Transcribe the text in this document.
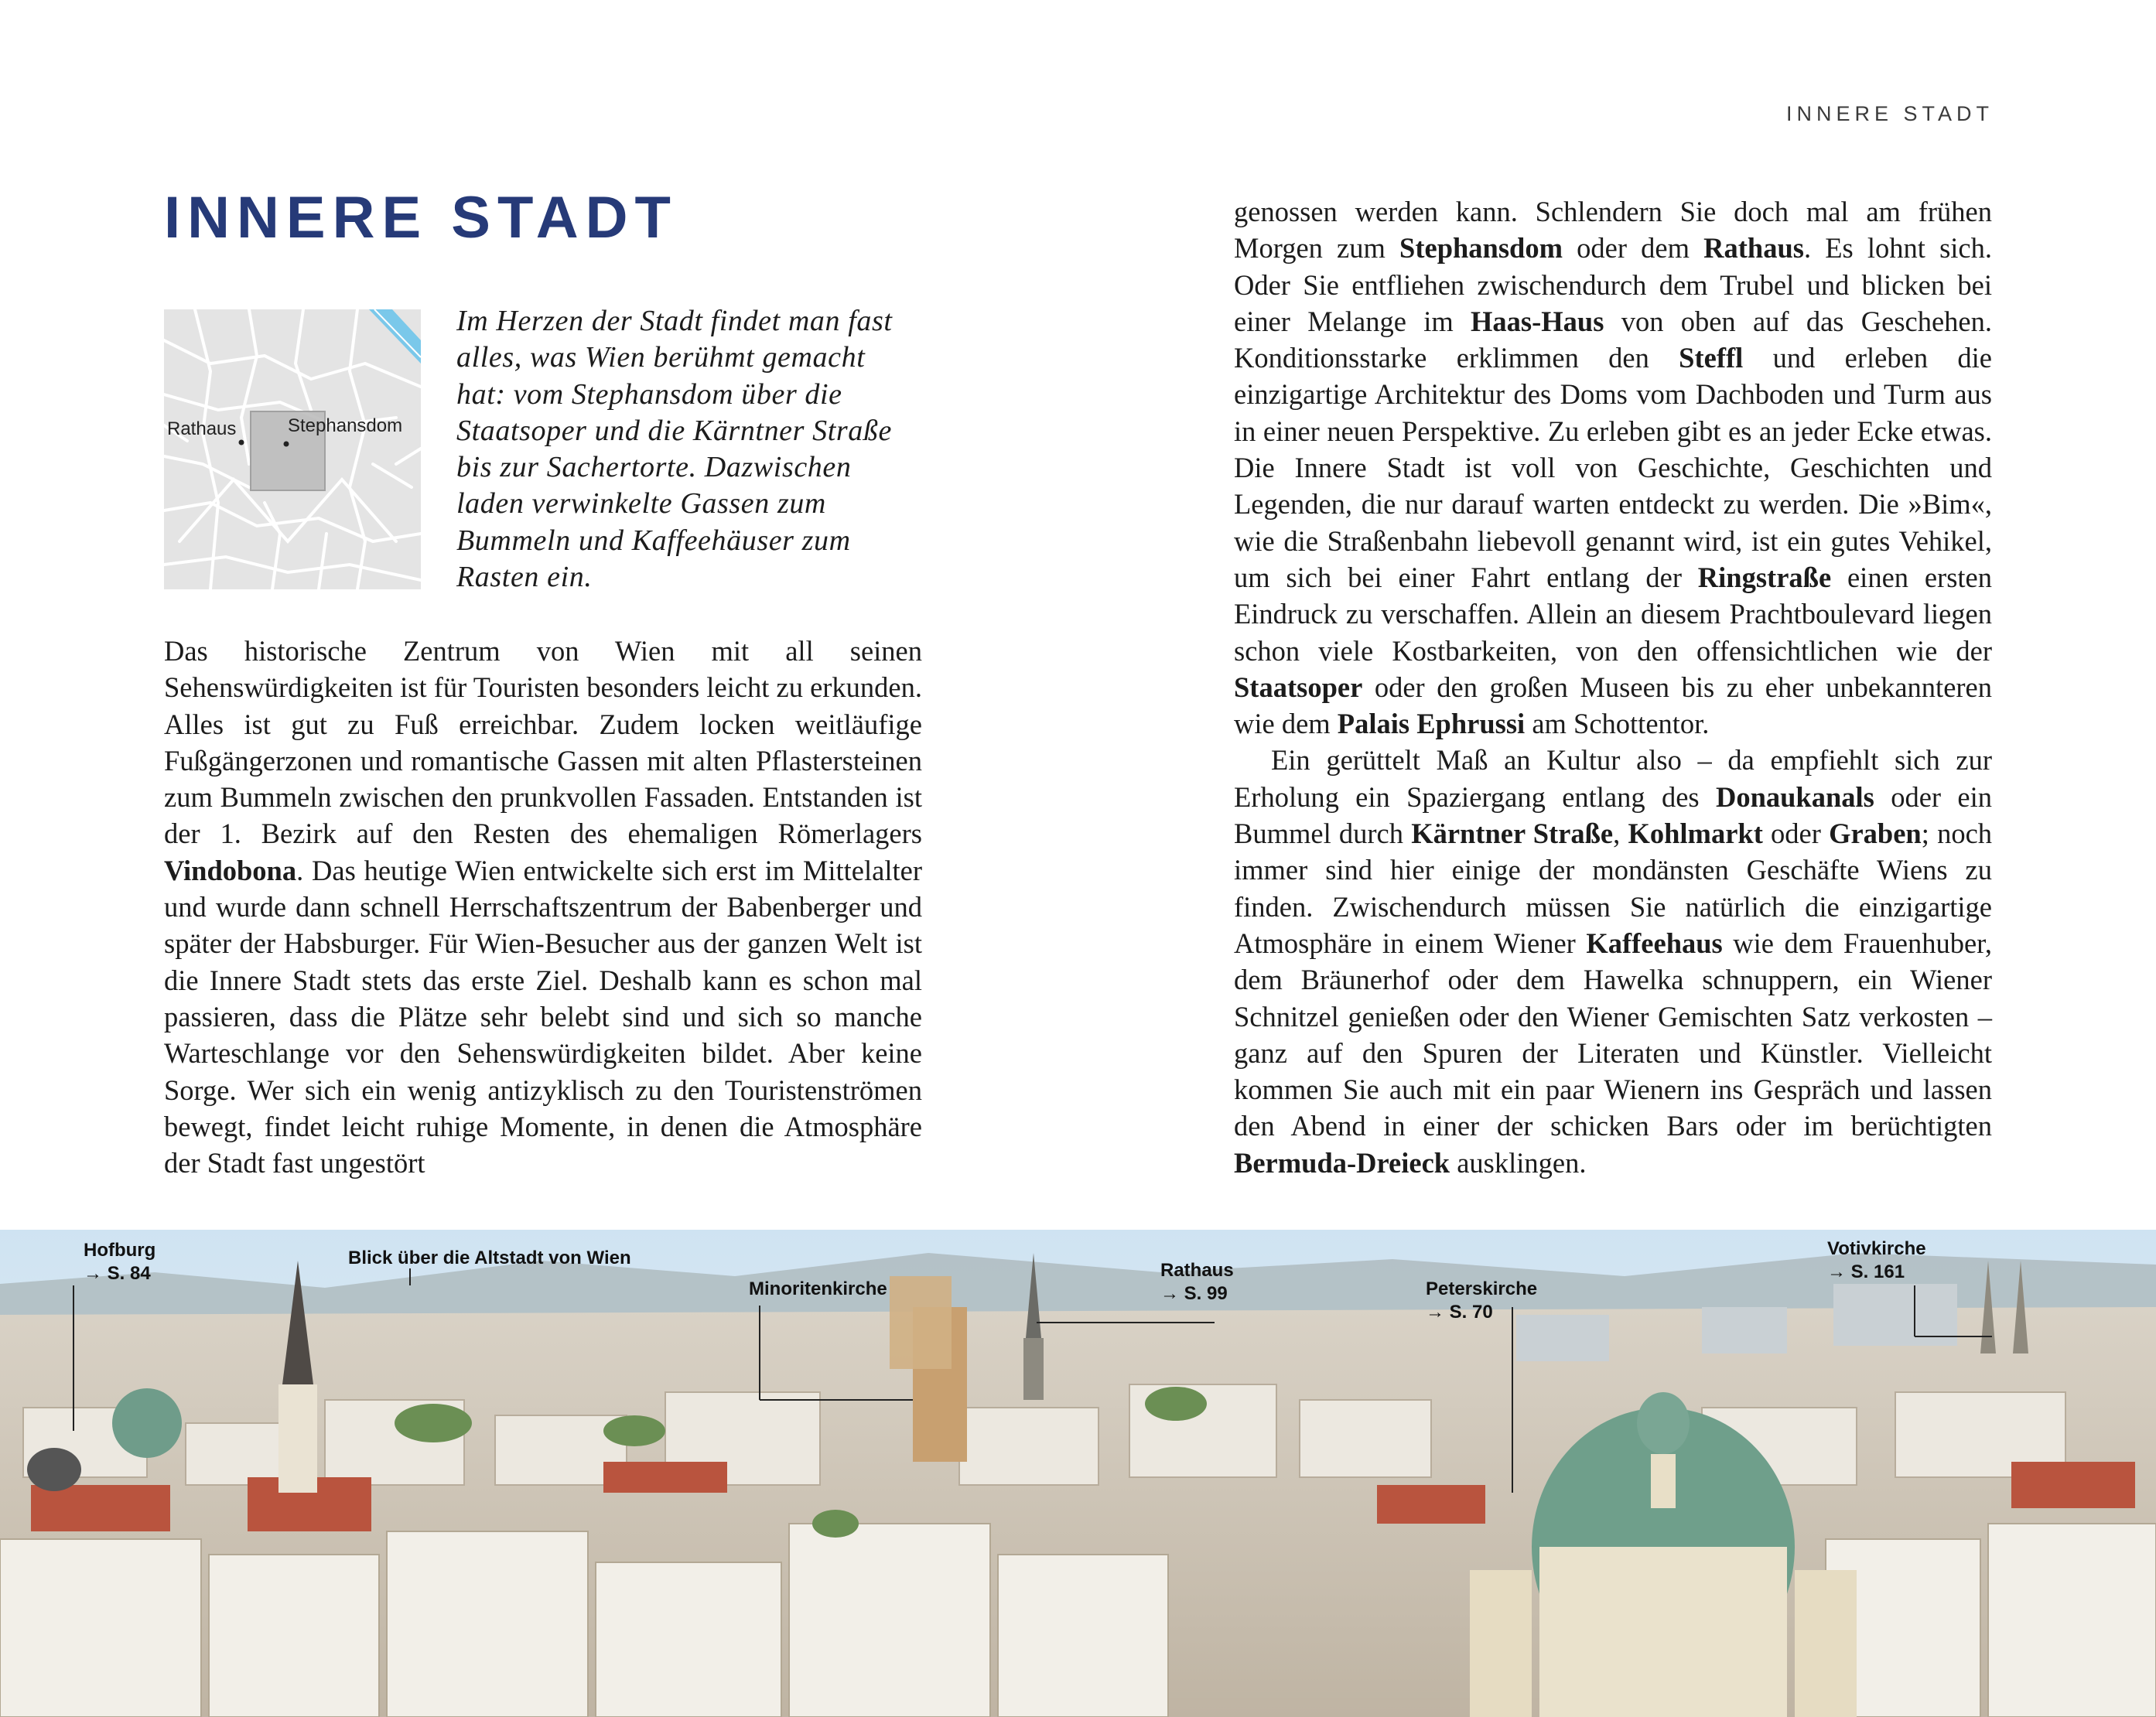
INNERE STADT
INNERE STADT
Rathaus	Stephansdom

Im Herzen der Stadt findet man fast alles, was Wien berühmt gemacht hat: vom Stephansdom über die Staatsoper und die Kärntner Straße bis zur Sachertorte. Dazwischen laden verwinkelte Gassen zum Bummeln und Kaffeehäuser zum Rasten ein.

Das historische Zentrum von Wien mit all seinen Sehenswürdigkeiten ist für Touristen besonders leicht zu erkunden. Alles ist gut zu Fuß erreichbar. Zudem locken weitläufige Fußgängerzonen und romantische Gassen mit alten Pflastersteinen zum Bummeln zwischen den prunkvollen Fassaden. Entstanden ist der 1. Bezirk auf den Resten des ehemaligen Römerlagers Vindobona. Das heutige Wien entwickelte sich erst im Mittelalter und wurde dann schnell Herrschaftszentrum der Babenberger und später der Habsburger. Für Wien-Besucher aus der ganzen Welt ist die Innere Stadt stets das erste Ziel. Deshalb kann es schon mal passieren, dass die Plätze sehr belebt sind und sich so manche Warteschlange vor den Sehenswürdigkeiten bildet. Aber keine Sorge. Wer sich ein wenig antizyklisch zu den Touristenströmen bewegt, findet leicht ruhige Momente, in denen die Atmosphäre der Stadt fast ungestört

genossen werden kann. Schlendern Sie doch mal am frühen Morgen zum Stephansdom oder dem Rathaus. Es lohnt sich. Oder Sie entfliehen zwischendurch dem Trubel und blicken bei einer Melange im Haas-Haus von oben auf das Geschehen. Konditionsstarke erklimmen den Steffl und erleben die einzigartige Architektur des Doms vom Dachboden und Turm aus in einer neuen Perspektive. Zu erleben gibt es an jeder Ecke etwas. Die Innere Stadt ist voll von Geschichte, Geschichten und Legenden, die nur darauf warten entdeckt zu werden. Die »Bim«, wie die Straßenbahn liebevoll genannt wird, ist ein gutes Vehikel, um sich bei einer Fahrt entlang der Ringstraße einen ersten Eindruck zu verschaffen. Allein an diesem Prachtboulevard liegen schon viele Kostbarkeiten, von den offensichtlichen wie der Staatsoper oder den großen Museen bis zu eher unbekannteren wie dem Palais Ephrussi am Schottentor.

Ein gerüttelt Maß an Kultur also – da empfiehlt sich zur Erholung ein Spaziergang entlang des Donaukanals oder ein Bummel durch Kärntner Straße, Kohlmarkt oder Graben; noch immer sind hier einige der mondänsten Geschäfte Wiens zu finden. Zwischendurch müssen Sie natürlich die einzigartige Atmosphäre in einem Wiener Kaffeehaus wie dem Frauenhuber, dem Bräunerhof oder dem Hawelka schnuppern, ein Wiener Schnitzel genießen oder den Wiener Gemischten Satz verkosten – ganz auf den Spuren der Literaten und Künstler. Vielleicht kommen Sie auch mit ein paar Wienern ins Gespräch und lassen den Abend in einer der schicken Bars oder im berüchtigten Bermuda-Dreieck ausklingen.

Hofburg
→ S. 84
Blick über die Altstadt von Wien
Minoritenkirche
Rathaus
→ S. 99	Peterskirche
→ S. 70
Votivkirche
→ S. 161
